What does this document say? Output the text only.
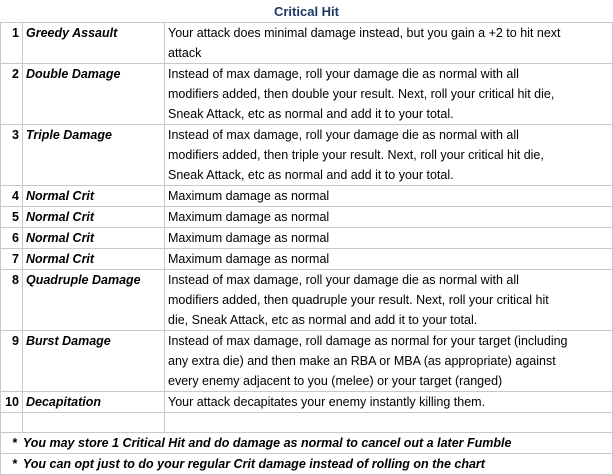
Critical Hit
1	Greedy Assault	Your attack does minimal damage instead, but you gain a +2 to hit next
attack

2	Double Damage	Instead of max damage, roll your damage die as normal with all
modifiers added, then double your result. Next, roll your critical hit die,
Sneak Attack, etc as normal and add it to your total.

3	Triple Damage	Instead of max damage, roll your damage die as normal with all
modifiers added, then triple your result. Next, roll your critical hit die,
Sneak Attack, etc as normal and add it to your total.

4	Normal Crit	Maximum damage as normal

5	Normal Crit	Maximum damage as normal

6	Normal Crit	Maximum damage as normal

7	Normal Crit	Maximum damage as normal

8	Quadruple Damage	Instead of max damage, roll your damage die as normal with all
modifiers added, then quadruple your result. Next, roll your critical hit
die, Sneak Attack, etc as normal and add it to your total.

9	Burst Damage	Instead of max damage, roll damage as normal for your target (including
any extra die) and then make an RBA or MBA (as appropriate) against
every enemy adjacent to you (melee) or your target (ranged)

10	Decapitation	Your attack decapitates your enemy instantly killing them.

* You may store 1 Critical Hit and do damage as normal to cancel out a later Fumble		
* You can opt just to do your regular Crit damage instead of rolling on the chart		
